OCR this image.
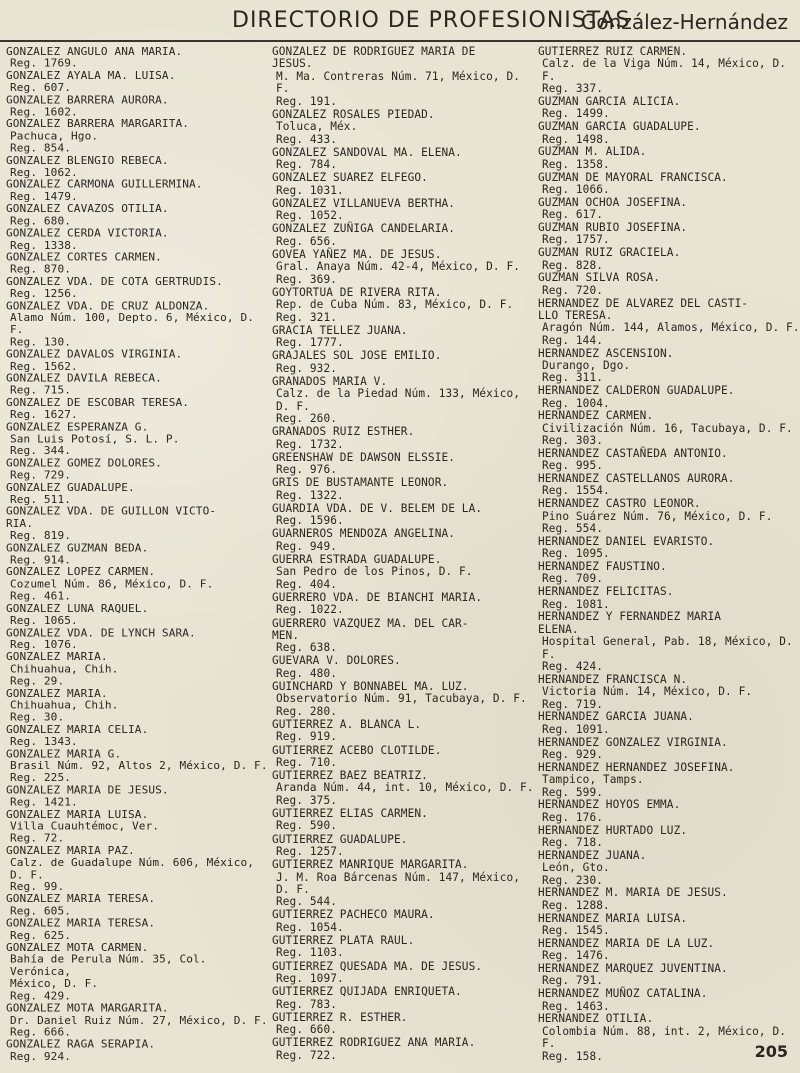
DIRECTORIO DE PROFESIONISTAS
González-Hernández
GONZALEZ ANGULO ANA MARIA.
Reg. 1769.
GONZALEZ AYALA MA. LUISA.
Reg. 607.
GONZALEZ BARRERA AURORA.
Reg. 1602.
GONZALEZ BARRERA MARGARITA.
Pachuca, Hgo.
Reg. 854.
GONZALEZ BLENGIO REBECA.
Reg. 1062.
GONZALEZ CARMONA GUILLERMINA.
Reg. 1479.
GONZALEZ CAVAZOS OTILIA.
Reg. 680.
GONZALEZ CERDA VICTORIA.
Reg. 1338.
GONZALEZ CORTES CARMEN.
Reg. 870.
GONZALEZ VDA. DE COTA GERTRUDIS.
Reg. 1256.
GONZALEZ VDA. DE CRUZ ALDONZA.
Alamo Núm. 100, Depto. 6, México, D. F.
Reg. 130.
GONZALEZ DAVALOS VIRGINIA.
Reg. 1562.
GONZALEZ DAVILA REBECA.
Reg. 715.
GONZALEZ DE ESCOBAR TERESA.
Reg. 1627.
GONZALEZ ESPERANZA G.
San Luis Potosí, S. L. P.
Reg. 344.
GONZALEZ GOMEZ DOLORES.
Reg. 729.
GONZALEZ GUADALUPE.
Reg. 511.
GONZALEZ VDA. DE GUILLON VICTO-
RIA.
Reg. 819.
GONZALEZ GUZMAN BEDA.
Reg. 914.
GONZALEZ LOPEZ CARMEN.
Cozumel Núm. 86, México, D. F.
Reg. 461.
GONZALEZ LUNA RAQUEL.
Reg. 1065.
GONZALEZ VDA. DE LYNCH SARA.
Reg. 1076.
GONZALEZ MARIA.
Chihuahua, Chih.
Reg. 29.
GONZALEZ MARIA.
Chihuahua, Chih.
Reg. 30.
GONZALEZ MARIA CELIA.
Reg. 1343.
GONZALEZ MARIA G.
Brasil Núm. 92, Altos 2, México, D. F.
Reg. 225.
GONZALEZ MARIA DE JESUS.
Reg. 1421.
GONZALEZ MARIA LUISA.
Villa Cuauhtémoc, Ver.
Reg. 72.
GONZALEZ MARIA PAZ.
Calz. de Guadalupe Núm. 606, México, D. F.
Reg. 99.
GONZALEZ MARIA TERESA.
Reg. 605.
GONZALEZ MARIA TERESA.
Reg. 625.
GONZALEZ MOTA CARMEN.
Bahía de Perula Núm. 35, Col. Verónica,
México, D. F.
Reg. 429.
GONZALEZ MOTA MARGARITA.
Dr. Daniel Ruiz Núm. 27, México, D. F.
Reg. 666.
GONZALEZ RAGA SERAPIA.
Reg. 924.
GONZALEZ DE RODRIGUEZ MARIA DE
JESUS.
M. Ma. Contreras Núm. 71, México, D. F.
Reg. 191.
GONZALEZ ROSALES PIEDAD.
Toluca, Méx.
Reg. 433.
GONZALEZ SANDOVAL MA. ELENA.
Reg. 784.
GONZALEZ SUAREZ ELFEGO.
Reg. 1031.
GONZALEZ VILLANUEVA BERTHA.
Reg. 1052.
GONZALEZ ZUÑIGA CANDELARIA.
Reg. 656.
GOVEA YAÑEZ MA. DE JESUS.
Gral. Anaya Núm. 42-4, México, D. F.
Reg. 369.
GOYTORTUA DE RIVERA RITA.
Rep. de Cuba Núm. 83, México, D. F.
Reg. 321.
GRACIA TELLEZ JUANA.
Reg. 1777.
GRAJALES SOL JOSE EMILIO.
Reg. 932.
GRANADOS MARIA V.
Calz. de la Piedad Núm. 133, México, D. F.
Reg. 260.
GRANADOS RUIZ ESTHER.
Reg. 1732.
GREENSHAW DE DAWSON ELSSIE.
Reg. 976.
GRIS DE BUSTAMANTE LEONOR.
Reg. 1322.
GUARDIA VDA. DE V. BELEM DE LA.
Reg. 1596.
GUARNEROS MENDOZA ANGELINA.
Reg. 949.
GUERRA ESTRADA GUADALUPE.
San Pedro de los Pinos, D. F.
Reg. 404.
GUERRERO VDA. DE BIANCHI MARIA.
Reg. 1022.
GUERRERO VAZQUEZ MA. DEL CAR-
MEN.
Reg. 638.
GUEVARA V. DOLORES.
Reg. 480.
GUINCHARD Y BONNABEL MA. LUZ.
Observatorio Núm. 91, Tacubaya, D. F.
Reg. 280.
GUTIERREZ A. BLANCA L.
Reg. 919.
GUTIERREZ ACEBO CLOTILDE.
Reg. 710.
GUTIERREZ BAEZ BEATRIZ.
Aranda Núm. 44, int. 10, México, D. F.
Reg. 375.
GUTIERREZ ELIAS CARMEN.
Reg. 590.
GUTIERREZ GUADALUPE.
Reg. 1257.
GUTIERREZ MANRIQUE MARGARITA.
J. M. Roa Bárcenas Núm. 147, México,
D. F.
Reg. 544.
GUTIERREZ PACHECO MAURA.
Reg. 1054.
GUTIERREZ PLATA RAUL.
Reg. 1103.
GUTIERREZ QUESADA MA. DE JESUS.
Reg. 1097.
GUTIERREZ QUIJADA ENRIQUETA.
Reg. 783.
GUTIERREZ R. ESTHER.
Reg. 660.
GUTIERREZ RODRIGUEZ ANA MARIA.
Reg. 722.
GUTIERREZ RUIZ CARMEN.
Calz. de la Viga Núm. 14, México, D. F.
Reg. 337.
GUZMAN GARCIA ALICIA.
Reg. 1499.
GUZMAN GARCIA GUADALUPE.
Reg. 1498.
GUZMAN M. ALIDA.
Reg. 1358.
GUZMAN DE MAYORAL FRANCISCA.
Reg. 1066.
GUZMAN OCHOA JOSEFINA.
Reg. 617.
GUZMAN RUBIO JOSEFINA.
Reg. 1757.
GUZMAN RUIZ GRACIELA.
Reg. 828.
GUZMAN SILVA ROSA.
Reg. 720.
HERNANDEZ DE ALVAREZ DEL CASTI-
LLO TERESA.
Aragón Núm. 144, Alamos, México, D. F.
Reg. 144.
HERNANDEZ ASCENSION.
Durango, Dgo.
Reg. 311.
HERNANDEZ CALDERON GUADALUPE.
Reg. 1004.
HERNANDEZ CARMEN.
Civilización Núm. 16, Tacubaya, D. F.
Reg. 303.
HERNANDEZ CASTAÑEDA ANTONIO.
Reg. 995.
HERNANDEZ CASTELLANOS AURORA.
Reg. 1554.
HERNANDEZ CASTRO LEONOR.
Pino Suárez Núm. 76, México, D. F.
Reg. 554.
HERNANDEZ DANIEL EVARISTO.
Reg. 1095.
HERNANDEZ FAUSTINO.
Reg. 709.
HERNANDEZ FELICITAS.
Reg. 1081.
HERNANDEZ Y FERNANDEZ MARIA
ELENA.
Hospital General, Pab. 18, México, D. F.
Reg. 424.
HERNANDEZ FRANCISCA N.
Victoria Núm. 14, México, D. F.
Reg. 719.
HERNANDEZ GARCIA JUANA.
Reg. 1091.
HERNANDEZ GONZALEZ VIRGINIA.
Reg. 929.
HERNANDEZ HERNANDEZ JOSEFINA.
Tampico, Tamps.
Reg. 599.
HERNANDEZ HOYOS EMMA.
Reg. 176.
HERNANDEZ HURTADO LUZ.
Reg. 718.
HERNANDEZ JUANA.
León, Gto.
Reg. 230.
HERNANDEZ M. MARIA DE JESUS.
Reg. 1288.
HERNANDEZ MARIA LUISA.
Reg. 1545.
HERNANDEZ MARIA DE LA LUZ.
Reg. 1476.
HERNANDEZ MARQUEZ JUVENTINA.
Reg. 791.
HERNANDEZ MUÑOZ CATALINA.
Reg. 1463.
HERNANDEZ OTILIA.
Colombia Núm. 88, int. 2, México, D. F.
Reg. 158.	205
